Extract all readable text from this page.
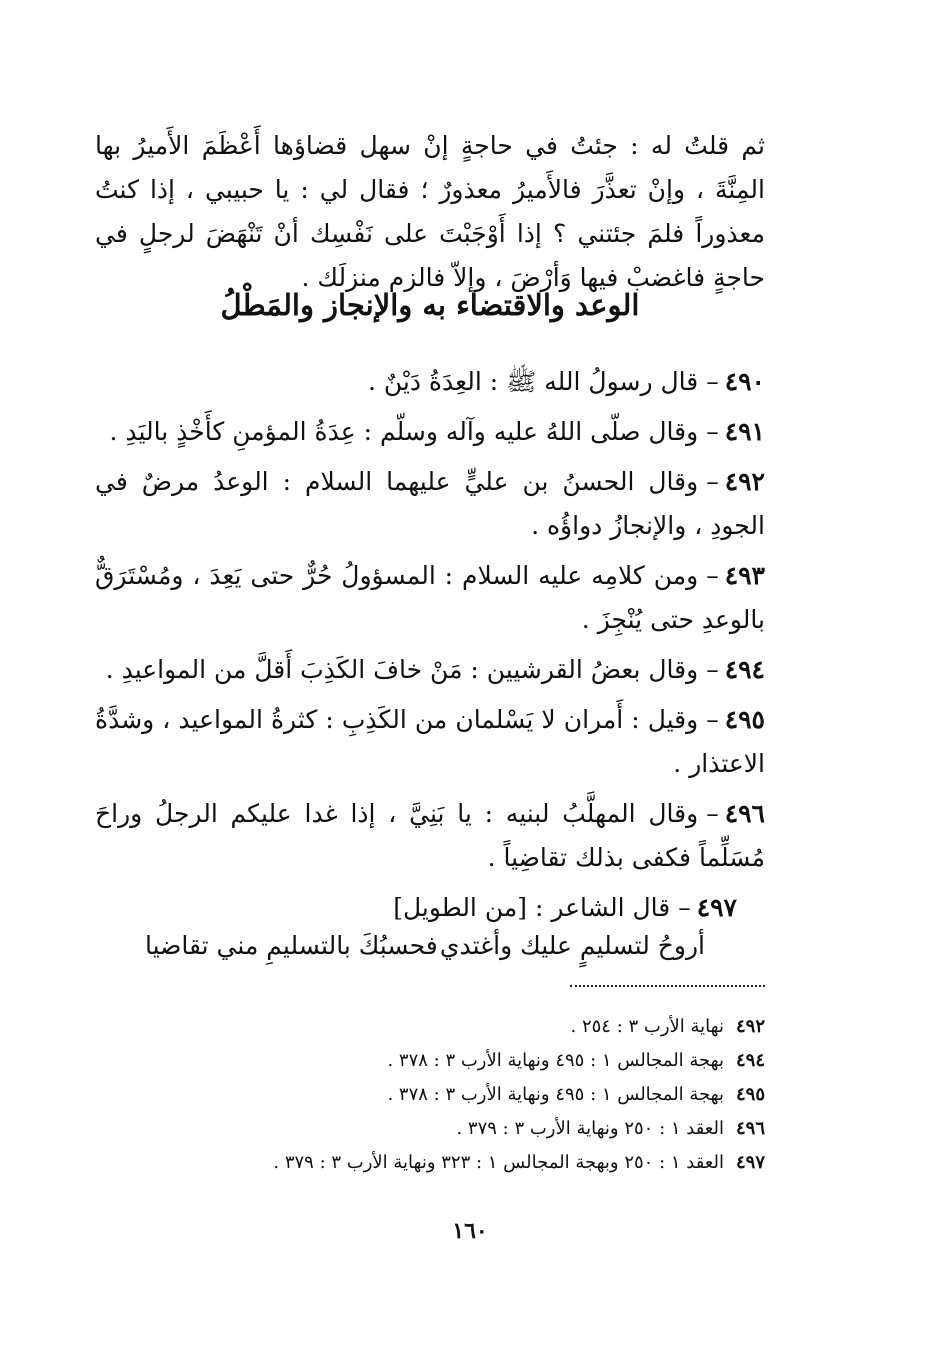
ثم قلتُ له : جئتُ في حاجةٍ إنْ سهل قضاؤها أَعْظَمَ الأَميرُ بها المِنَّةَ ، وإنْ تعذَّرَ فالأَميرُ معذورٌ ؛ فقال لي : يا حبيبي ، إذا كنتُ معذوراً فلمَ جئتني ؟ إذا أَوْجَبْتَ على نَفْسِك أنْ تَنْهَضَ لرجلٍ في حاجةٍ فاغضبْ فيها وَأرْضَ ، وإلاّ فالزم منزلَك .

الوعد والاقتضاء به والإنجاز والمَطْلُ
٤٩٠–قال رسولُ الله ﷺ : العِدَةُ دَيْنٌ .
٤٩١–وقال صلّى اللهُ عليه وآله وسلّم : عِدَةُ المؤمنِ كأَخْذٍ باليَدِ .
٤٩٢–وقال الحسنُ بن عليٍّ عليهما السلام : الوعدُ مرضٌ في الجودِ ، والإنجازُ دواؤُه .
٤٩٣–ومن كلامِه عليه السلام : المسؤولُ حُرٌّ حتى يَعِدَ ، ومُسْتَرَقٌّ بالوعدِ حتى يُنْجِزَ .
٤٩٤–وقال بعضُ القرشيين : مَنْ خافَ الكَذِبَ أَقلَّ من المواعيدِ .
٤٩٥–وقيل : أَمران لا يَسْلمان من الكَذِبِ : كثرةُ المواعيد ، وشدَّةُ الاعتذار .
٤٩٦–وقال المهلَّبُ لبنيه : يا بَنِيَّ ، إذا غدا عليكم الرجلُ وراحَ مُسَلِّماً فكفى بذلك تقاضِياً .
٤٩٧–قال الشاعر : [من الطويل]
أروحُ لتسليمٍ عليك وأغتدي
فحسبُكَ بالتسليمِ مني تقاضيا
٤٩٢نهاية الأرب ٣ : ٢٥٤ .
٤٩٤بهجة المجالس ١ : ٤٩٥ ونهاية الأرب ٣ : ٣٧٨ .
٤٩٥بهجة المجالس ١ : ٤٩٥ ونهاية الأرب ٣ : ٣٧٨ .
٤٩٦العقد ١ : ٢٥٠ ونهاية الأرب ٣ : ٣٧٩ .
٤٩٧العقد ١ : ٢٥٠ وبهجة المجالس ١ : ٣٢٣ ونهاية الأرب ٣ : ٣٧٩ .
١٦٠
